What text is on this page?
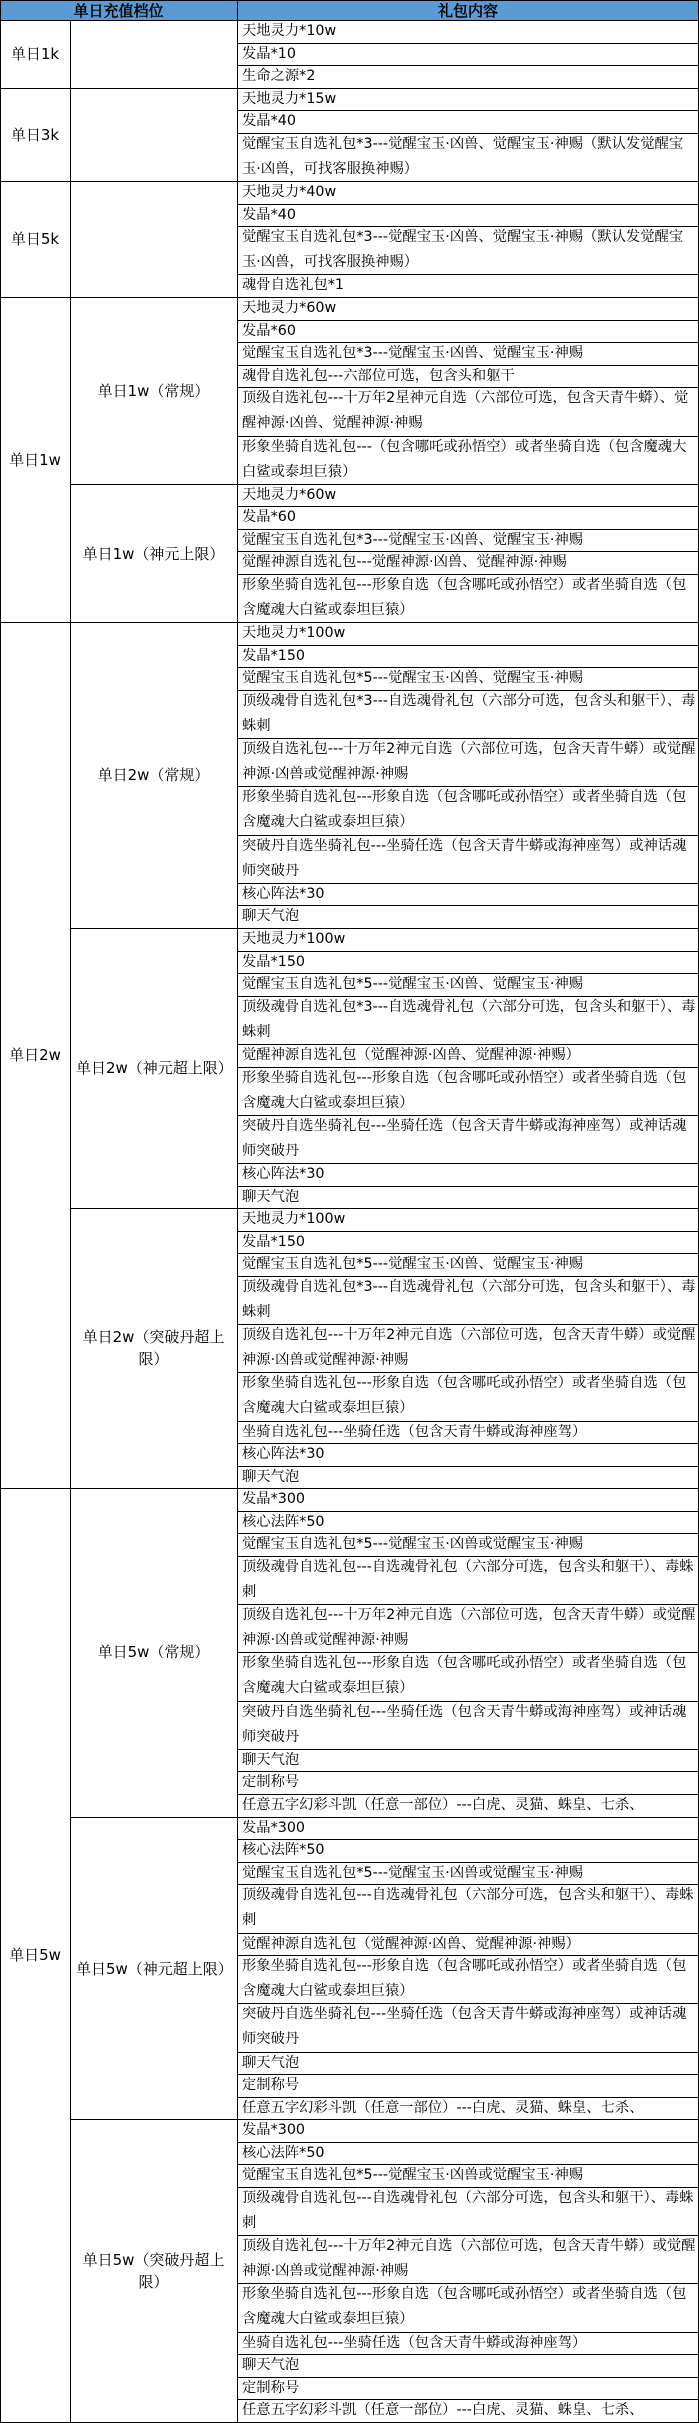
单日充值档位	礼包内容
天地灵力*10w
发晶*10
生命之源*2
天地灵力*15w
发晶*40
觉醒宝玉自选礼包*3---觉醒宝玉·凶兽、觉醒宝玉·神赐（默认发觉醒宝玉·凶兽，可找客服换神赐）
天地灵力*40w
发晶*40
觉醒宝玉自选礼包*3---觉醒宝玉·凶兽、觉醒宝玉·神赐（默认发觉醒宝玉·凶兽，可找客服换神赐）
魂骨自选礼包*1
天地灵力*60w
发晶*60
觉醒宝玉自选礼包*3---觉醒宝玉·凶兽、觉醒宝玉·神赐
魂骨自选礼包---六部位可选，包含头和躯干
顶级自选礼包---十万年2星神元自选（六部位可选，包含天青牛蟒）、觉醒神源·凶兽、觉醒神源·神赐
形象坐骑自选礼包---（包含哪吒或孙悟空）或者坐骑自选（包含魔魂大白鲨或泰坦巨猿）
天地灵力*60w
发晶*60
觉醒宝玉自选礼包*3---觉醒宝玉·凶兽、觉醒宝玉·神赐
觉醒神源自选礼包---觉醒神源·凶兽、觉醒神源·神赐
形象坐骑自选礼包---形象自选（包含哪吒或孙悟空）或者坐骑自选（包含魔魂大白鲨或泰坦巨猿）
天地灵力*100w
发晶*150
觉醒宝玉自选礼包*5---觉醒宝玉·凶兽、觉醒宝玉·神赐
顶级魂骨自选礼包*3---自选魂骨礼包（六部分可选，包含头和躯干）、毒蛛刺
顶级自选礼包---十万年2神元自选（六部位可选，包含天青牛蟒）或觉醒神源·凶兽或觉醒神源·神赐
形象坐骑自选礼包---形象自选（包含哪吒或孙悟空）或者坐骑自选（包含魔魂大白鲨或泰坦巨猿）
突破丹自选坐骑礼包---坐骑任选（包含天青牛蟒或海神座驾）或神话魂师突破丹
核心阵法*30
聊天气泡
天地灵力*100w
发晶*150
觉醒宝玉自选礼包*5---觉醒宝玉·凶兽、觉醒宝玉·神赐
顶级魂骨自选礼包*3---自选魂骨礼包（六部分可选，包含头和躯干）、毒蛛刺
觉醒神源自选礼包（觉醒神源·凶兽、觉醒神源·神赐）
形象坐骑自选礼包---形象自选（包含哪吒或孙悟空）或者坐骑自选（包含魔魂大白鲨或泰坦巨猿）
突破丹自选坐骑礼包---坐骑任选（包含天青牛蟒或海神座驾）或神话魂师突破丹
核心阵法*30
聊天气泡
天地灵力*100w
发晶*150
觉醒宝玉自选礼包*5---觉醒宝玉·凶兽、觉醒宝玉·神赐
顶级魂骨自选礼包*3---自选魂骨礼包（六部分可选，包含头和躯干）、毒蛛刺
顶级自选礼包---十万年2神元自选（六部位可选，包含天青牛蟒）或觉醒神源·凶兽或觉醒神源·神赐
形象坐骑自选礼包---形象自选（包含哪吒或孙悟空）或者坐骑自选（包含魔魂大白鲨或泰坦巨猿）
坐骑自选礼包---坐骑任选（包含天青牛蟒或海神座驾）
核心阵法*30
聊天气泡
发晶*300
核心法阵*50
觉醒宝玉自选礼包*5---觉醒宝玉·凶兽或觉醒宝玉·神赐
顶级魂骨自选礼包---自选魂骨礼包（六部分可选，包含头和躯干）、毒蛛刺
顶级自选礼包---十万年2神元自选（六部位可选，包含天青牛蟒）或觉醒神源·凶兽或觉醒神源·神赐
形象坐骑自选礼包---形象自选（包含哪吒或孙悟空）或者坐骑自选（包含魔魂大白鲨或泰坦巨猿）
突破丹自选坐骑礼包---坐骑任选（包含天青牛蟒或海神座驾）或神话魂师突破丹
聊天气泡
定制称号
任意五字幻彩斗凯（任意一部位）---白虎、灵猫、蛛皇、七杀、
发晶*300
核心法阵*50
觉醒宝玉自选礼包*5---觉醒宝玉·凶兽或觉醒宝玉·神赐
顶级魂骨自选礼包---自选魂骨礼包（六部分可选，包含头和躯干）、毒蛛刺
觉醒神源自选礼包（觉醒神源·凶兽、觉醒神源·神赐）
形象坐骑自选礼包---形象自选（包含哪吒或孙悟空）或者坐骑自选（包含魔魂大白鲨或泰坦巨猿）
突破丹自选坐骑礼包---坐骑任选（包含天青牛蟒或海神座驾）或神话魂师突破丹
聊天气泡
定制称号
任意五字幻彩斗凯（任意一部位）---白虎、灵猫、蛛皇、七杀、
发晶*300
核心法阵*50
觉醒宝玉自选礼包*5---觉醒宝玉·凶兽或觉醒宝玉·神赐
顶级魂骨自选礼包---自选魂骨礼包（六部分可选，包含头和躯干）、毒蛛刺
顶级自选礼包---十万年2神元自选（六部位可选，包含天青牛蟒）或觉醒神源·凶兽或觉醒神源·神赐
形象坐骑自选礼包---形象自选（包含哪吒或孙悟空）或者坐骑自选（包含魔魂大白鲨或泰坦巨猿）
坐骑自选礼包---坐骑任选（包含天青牛蟒或海神座驾）
聊天气泡
定制称号
任意五字幻彩斗凯（任意一部位）---白虎、灵猫、蛛皇、七杀、
单日1k
单日3k
单日5k
单日1w
单日1w（常规）
单日1w（神元上限）
单日2w
单日2w（常规）
单日2w（神元超上限）
单日2w（突破丹超上限）
单日5w
单日5w（常规）
单日5w（神元超上限）
单日5w（突破丹超上限）
